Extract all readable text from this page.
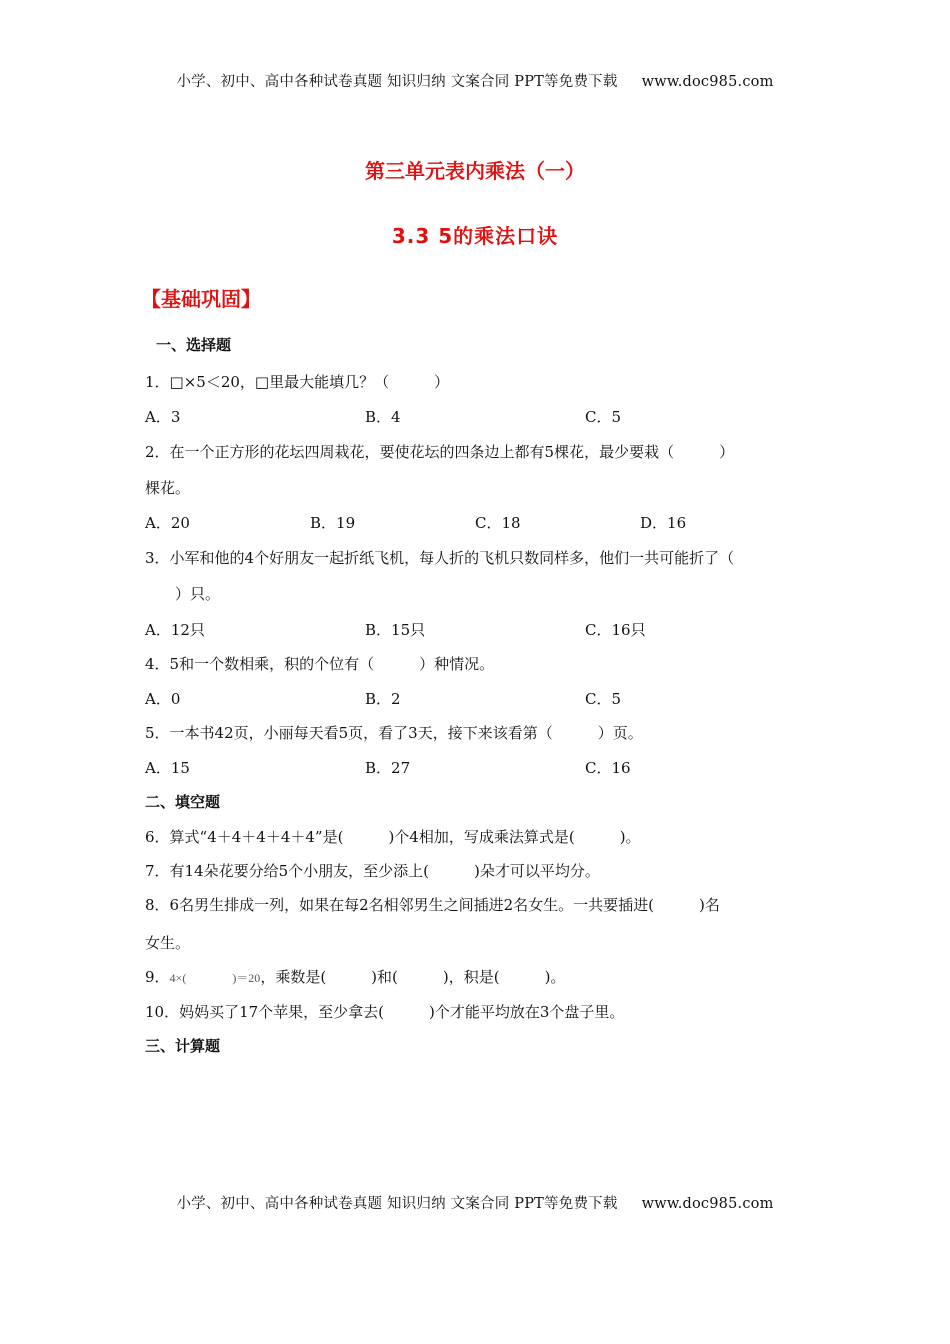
小学、初中、高中各种试卷真题 知识归纳 文案合同 PPT等免费下载     www.doc985.com
第三单元表内乘法（一）
3.3 5的乘法口诀
【基础巩固】
一、选择题
1．□×5＜20，□里最大能填几？（　　　）
A．3	B．4	C．5
2．在一个正方形的花坛四周栽花，要使花坛的四条边上都有5棵花，最少要栽（　　　）
棵花。
A．20	B．19	C．18	D．16
3．小军和他的4个好朋友一起折纸飞机，每人折的飞机只数同样多，他们一共可能折了（
　　）只。
A．12只	B．15只	C．16只
4．5和一个数相乘，积的个位有（　　　）种情况。
A．0	B．2	C．5
5．一本书42页，小丽每天看5页，看了3天，接下来该看第（　　　）页。
A．15	B．27	C．16
二、填空题
6．算式“4＋4＋4＋4＋4”是(　　　)个4相加，写成乘法算式是(　　　)。
7．有14朵花要分给5个小朋友，至少添上(　　　)朵才可以平均分。
8．6名男生排成一列，如果在每2名相邻男生之间插进2名女生。一共要插进(　　　)名
女生。
9．4×(	)＝20，乘数是(　　　)和(　　　)，积是(　　　)。
10．妈妈买了17个苹果，至少拿去(　　　)个才能平均放在3个盘子里。
三、计算题
小学、初中、高中各种试卷真题 知识归纳 文案合同 PPT等免费下载     www.doc985.com
